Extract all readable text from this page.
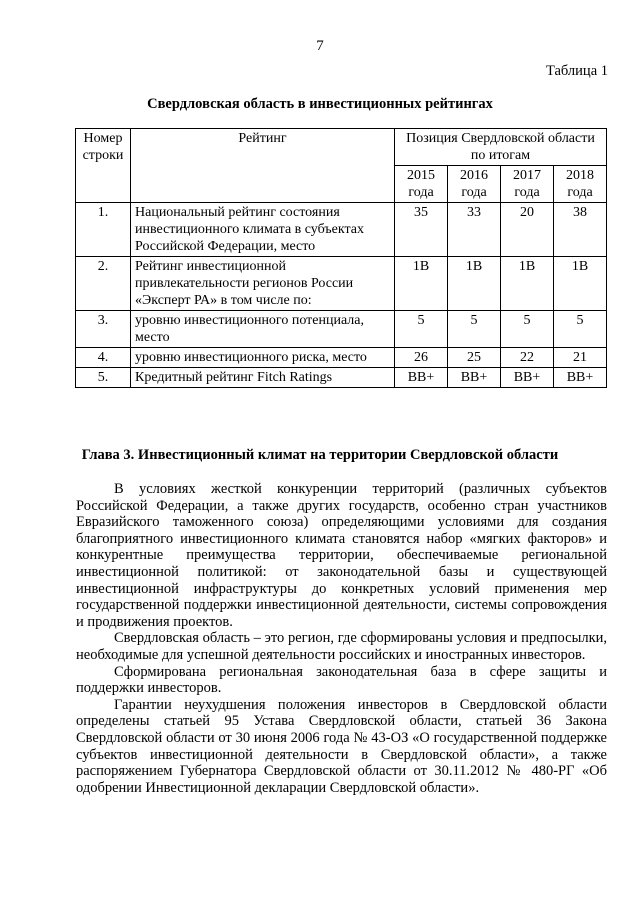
7
Таблица 1
Свердловская область в инвестиционных рейтингах
Номер строки	Рейтинг	Позиция Свердловской области по итогам			
		2015 года	2016 года	2017 года	2018 года
1.	Национальный рейтинг состояния инвестиционного климата в субъектах Российской Федерации, место	35	33	20	38
2.	Рейтинг инвестиционной привлекательности регионов России «Эксперт РА» в том числе по:	1B	1B	1B	1B
3.	уровню инвестиционного потенциала, место	5	5	5	5
4.	уровню инвестиционного риска, место	26	25	22	21
5.	Кредитный рейтинг Fitch Ratings	BB+	BB+	BB+	BB+
Глава 3. Инвестиционный климат на территории Свердловской области

В условиях жесткой конкуренции территорий (различных субъектов Российской Федерации, а также других государств, особенно стран участников Евразийского таможенного союза) определяющими условиями для создания благоприятного инвестиционного климата становятся набор «мягких факторов» и конкурентные преимущества территории, обеспечиваемые региональной инвестиционной политикой: от законодательной базы и существующей инвестиционной инфраструктуры до конкретных условий применения мер государственной поддержки инвестиционной деятельности, системы сопровождения и продвижения проектов.

Свердловская область – это регион, где сформированы условия и предпосылки, необходимые для успешной деятельности российских и иностранных инвесторов.

Сформирована региональная законодательная база в сфере защиты и поддержки инвесторов.

Гарантии неухудшения положения инвесторов в Свердловской области определены статьей 95 Устава Свердловской области, статьей 36 Закона Свердловской области от 30 июня 2006 года № 43-ОЗ «О государственной поддержке субъектов инвестиционной деятельности в Свердловской области», а также распоряжением Губернатора Свердловской области от 30.11.2012 № 480-РГ «Об одобрении Инвестиционной декларации Свердловской области».
